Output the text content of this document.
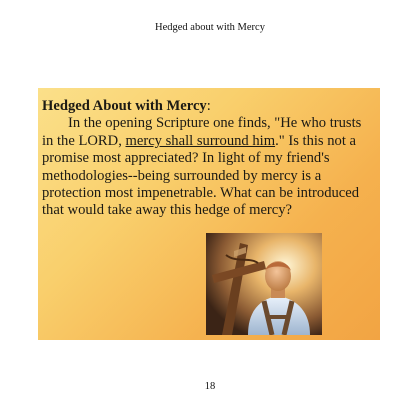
Hedged about with Mercy
Hedged About with Mercy:
In the opening Scripture one finds, "He who trusts in the LORD, mercy shall surround him." Is this not a promise most appreciated? In light of my friend's methodologies--being surrounded by mercy is a protection most impenetrable. What can be introduced that would take away this hedge of mercy?
18
